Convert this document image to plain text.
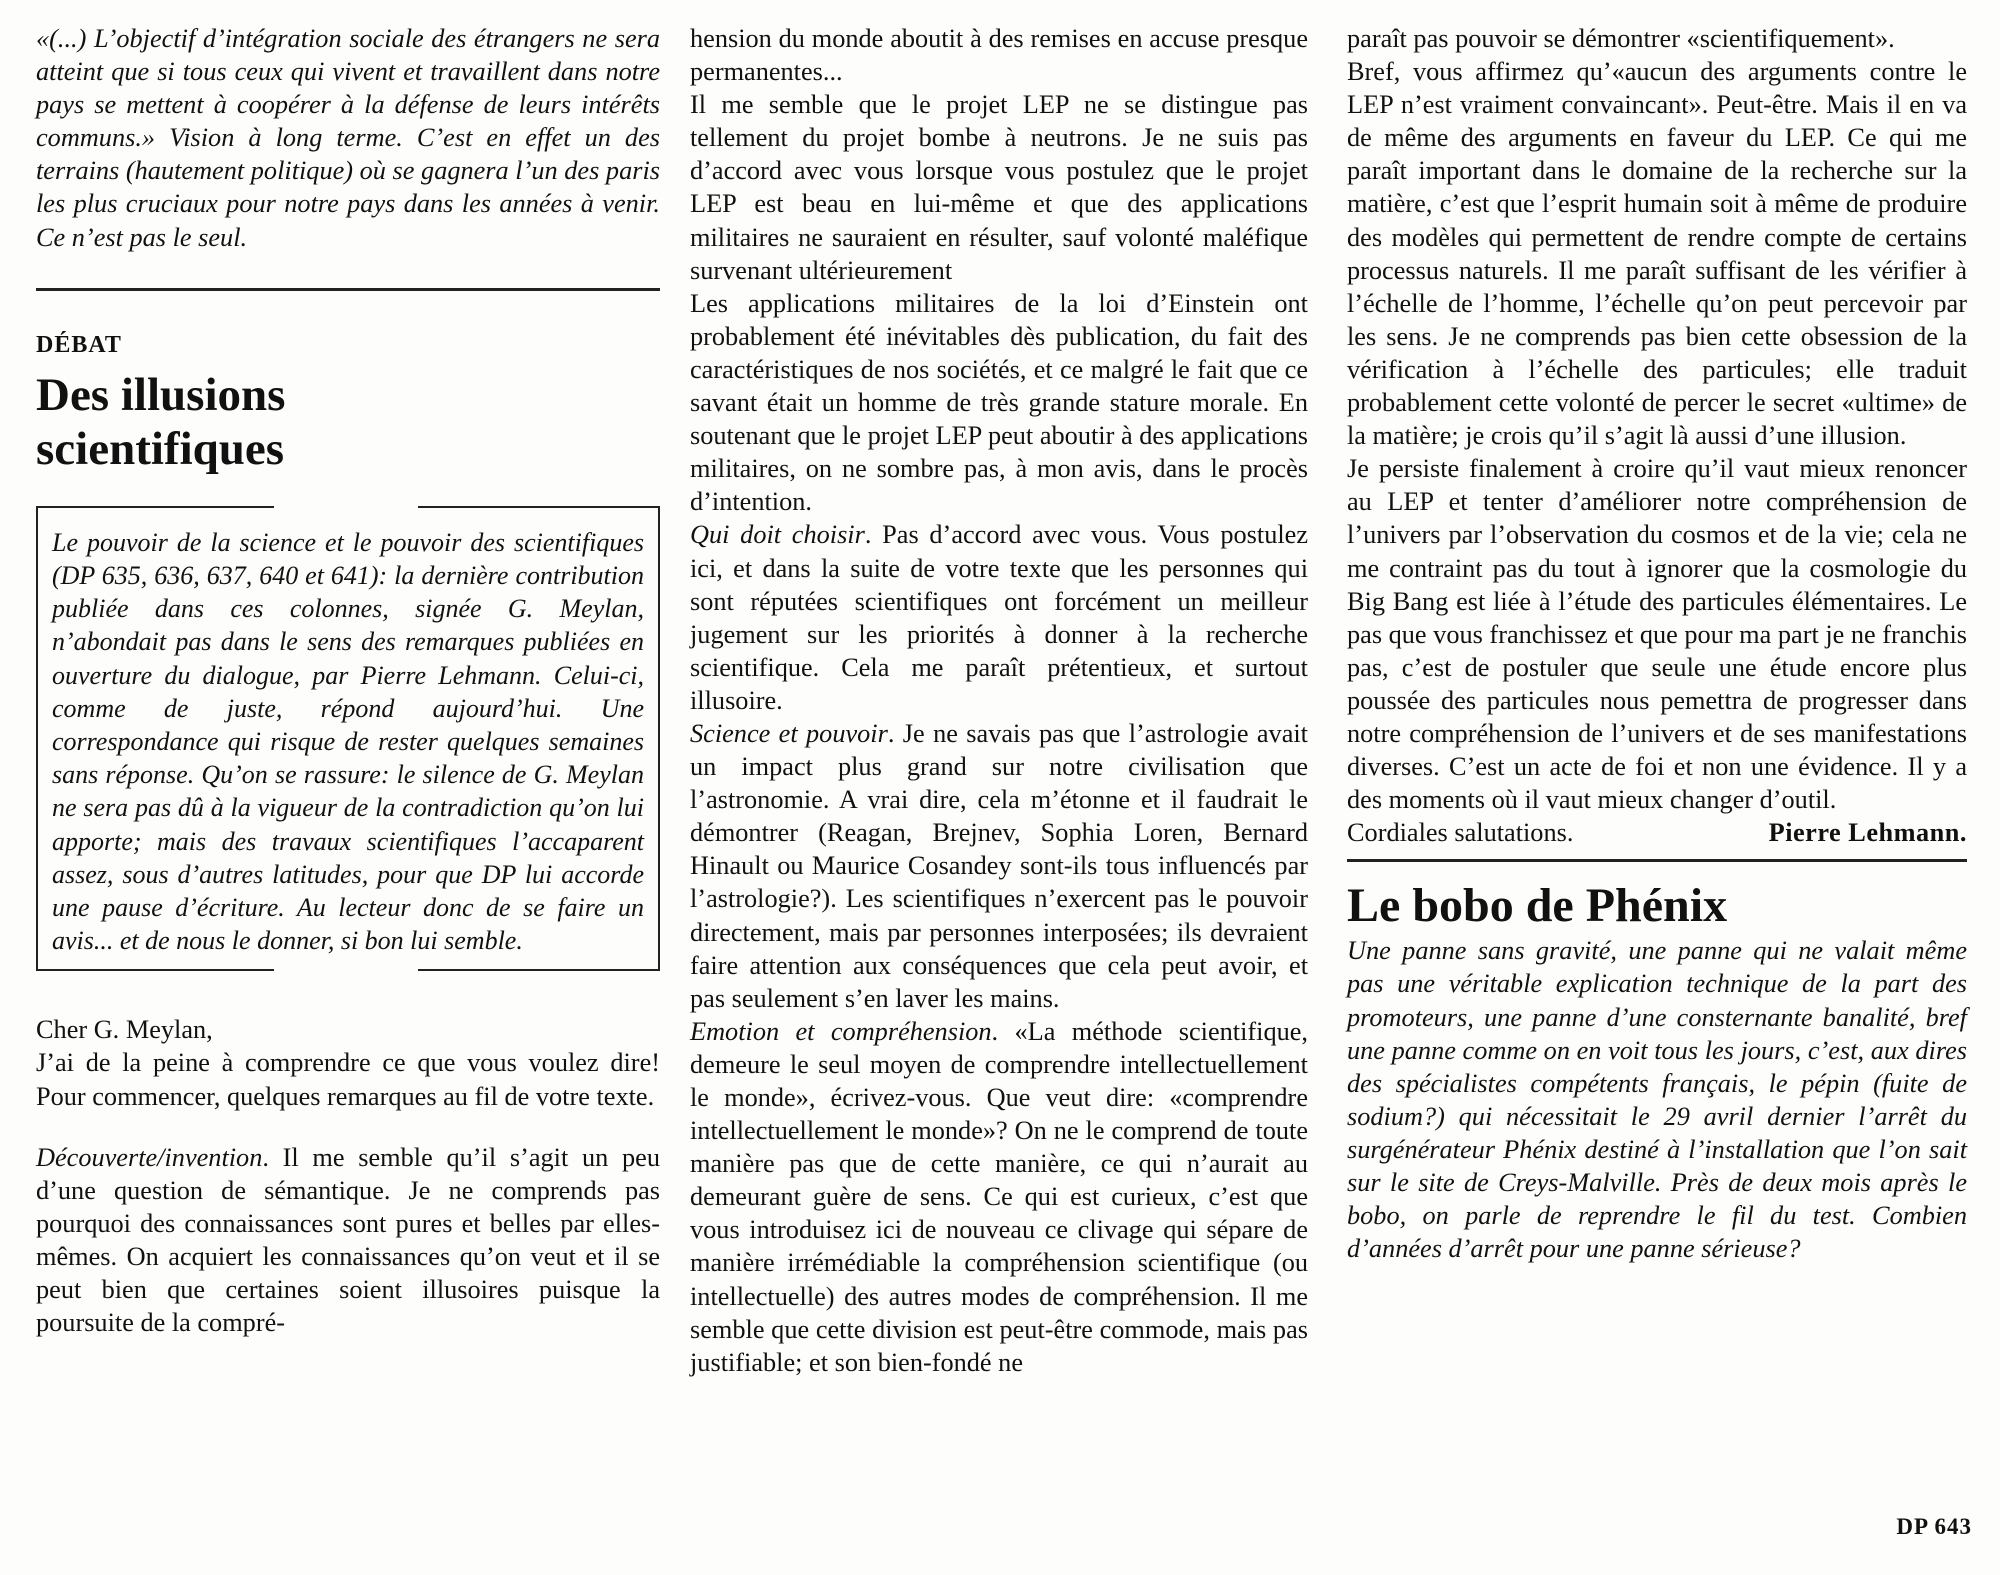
«(...) L’objectif d’intégration sociale des étrangers ne sera atteint que si tous ceux qui vivent et travaillent dans notre pays se mettent à coopérer à la défense de leurs intérêts communs.» Vision à long terme. C’est en effet un des terrains (hautement politique) où se gagnera l’un des paris les plus cruciaux pour notre pays dans les années à venir. Ce n’est pas le seul.

DÉBAT
Des illusions scientifiques

Le pouvoir de la science et le pouvoir des scientifiques (DP 635, 636, 637, 640 et 641): la dernière contribution publiée dans ces colonnes, signée G. Meylan, n’abondait pas dans le sens des remarques publiées en ouverture du dialogue, par Pierre Lehmann. Celui-ci, comme de juste, répond aujourd’hui. Une correspondance qui risque de rester quelques semaines sans réponse. Qu’on se rassure: le silence de G. Meylan ne sera pas dû à la vigueur de la contradiction qu’on lui apporte; mais des travaux scientifiques l’accaparent assez, sous d’autres latitudes, pour que DP lui accorde une pause d’écriture. Au lecteur donc de se faire un avis... et de nous le donner, si bon lui semble.

Cher G. Meylan,

J’ai de la peine à comprendre ce que vous voulez dire! Pour commencer, quelques remarques au fil de votre texte.

Découverte/invention. Il me semble qu’il s’agit un peu d’une question de sémantique. Je ne comprends pas pourquoi des connaissances sont pures et belles par elles-mêmes. On acquiert les connaissances qu’on veut et il se peut bien que certaines soient illusoires puisque la poursuite de la compré-

hension du monde aboutit à des remises en accuse presque permanentes...

Il me semble que le projet LEP ne se distingue pas tellement du projet bombe à neutrons. Je ne suis pas d’accord avec vous lorsque vous postulez que le projet LEP est beau en lui-même et que des applications militaires ne sauraient en résulter, sauf volonté maléfique survenant ultérieurement

Les applications militaires de la loi d’Einstein ont probablement été inévitables dès publication, du fait des caractéristiques de nos sociétés, et ce malgré le fait que ce savant était un homme de très grande stature morale. En soutenant que le projet LEP peut aboutir à des applications militaires, on ne sombre pas, à mon avis, dans le procès d’intention.

Qui doit choisir. Pas d’accord avec vous. Vous postulez ici, et dans la suite de votre texte que les personnes qui sont réputées scientifiques ont forcément un meilleur jugement sur les priorités à donner à la recherche scientifique. Cela me paraît prétentieux, et surtout illusoire.

Science et pouvoir. Je ne savais pas que l’astrologie avait un impact plus grand sur notre civilisation que l’astronomie. A vrai dire, cela m’étonne et il faudrait le démontrer (Reagan, Brejnev, Sophia Loren, Bernard Hinault ou Maurice Cosandey sont-ils tous influencés par l’astrologie?). Les scientifiques n’exercent pas le pouvoir directement, mais par personnes interposées; ils devraient faire attention aux conséquences que cela peut avoir, et pas seulement s’en laver les mains.

Emotion et compréhension. «La méthode scientifique, demeure le seul moyen de comprendre intellectuellement le monde», écrivez-vous. Que veut dire: «comprendre intellectuellement le monde»? On ne le comprend de toute manière pas que de cette manière, ce qui n’aurait au demeurant guère de sens. Ce qui est curieux, c’est que vous introduisez ici de nouveau ce clivage qui sépare de manière irrémédiable la compréhension scientifique (ou intellectuelle) des autres modes de compréhension. Il me semble que cette division est peut-être commode, mais pas justifiable; et son bien-fondé ne

paraît pas pouvoir se démontrer «scientifiquement».

Bref, vous affirmez qu’«aucun des arguments contre le LEP n’est vraiment convaincant». Peut-être. Mais il en va de même des arguments en faveur du LEP. Ce qui me paraît important dans le domaine de la recherche sur la matière, c’est que l’esprit humain soit à même de produire des modèles qui permettent de rendre compte de certains processus naturels. Il me paraît suffisant de les vérifier à l’échelle de l’homme, l’échelle qu’on peut percevoir par les sens. Je ne comprends pas bien cette obsession de la vérification à l’échelle des particules; elle traduit probablement cette volonté de percer le secret «ultime» de la matière; je crois qu’il s’agit là aussi d’une illusion.

Je persiste finalement à croire qu’il vaut mieux renoncer au LEP et tenter d’améliorer notre compréhension de l’univers par l’observation du cosmos et de la vie; cela ne me contraint pas du tout à ignorer que la cosmologie du Big Bang est liée à l’étude des particules élémentaires. Le pas que vous franchissez et que pour ma part je ne franchis pas, c’est de postuler que seule une étude encore plus poussée des particules nous pemettra de progresser dans notre compréhension de l’univers et de ses manifestations diverses. C’est un acte de foi et non une évidence. Il y a des moments où il vaut mieux changer d’outil.

Cordiales salutations.	Pierre Lehmann.

Le bobo de Phénix

Une panne sans gravité, une panne qui ne valait même pas une véritable explication technique de la part des promoteurs, une panne d’une consternante banalité, bref une panne comme on en voit tous les jours, c’est, aux dires des spécialistes compétents français, le pépin (fuite de sodium?) qui nécessitait le 29 avril dernier l’arrêt du surgénérateur Phénix destiné à l’installation que l’on sait sur le site de Creys-Malville. Près de deux mois après le bobo, on parle de reprendre le fil du test. Combien d’années d’arrêt pour une panne sérieuse?

DP 643
